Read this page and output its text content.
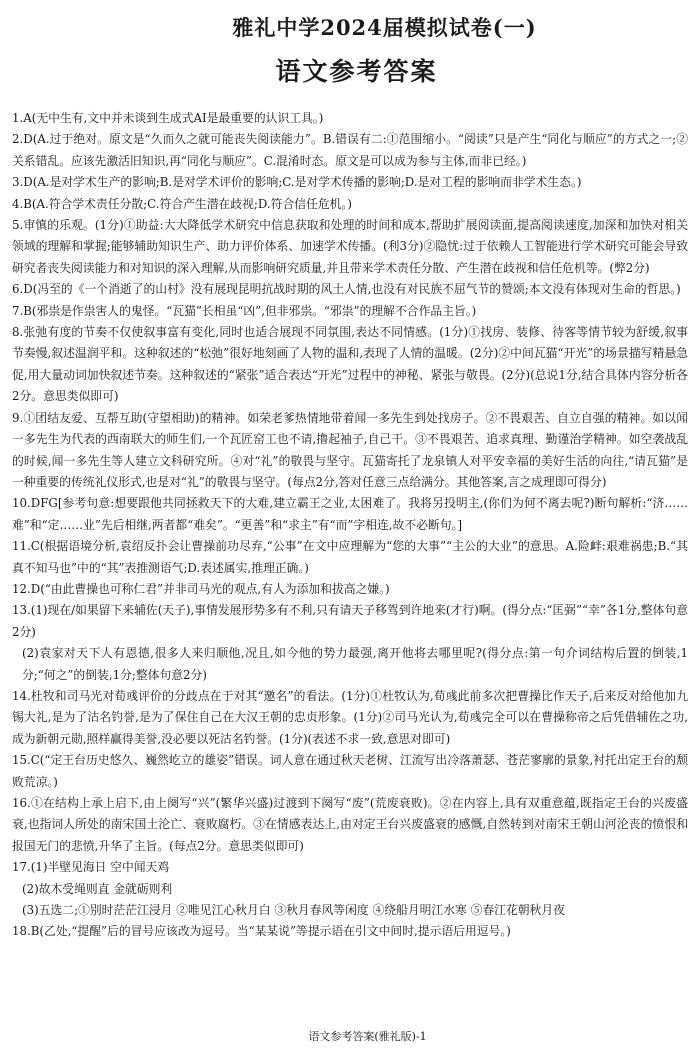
雅礼中学2024届模拟试卷(一)
语文参考答案

1.A(无中生有,文中并未谈到生成式AI是最重要的认识工具。)

2.D(A.过于绝对。原文是“久而久之就可能丧失阅读能力”。B.错误有二:①范围缩小。“阅读”只是产生“同化与顺应”的方式之一;②关系错乱。应该先激活旧知识,再“同化与顺应”。C.混淆时态。原文是可以成为参与主体,而非已经。)

3.D(A.是对学术生产的影响;B.是对学术评价的影响;C.是对学术传播的影响;D.是对工程的影响而非学术生态。)

4.B(A.符合学术责任分散;C.符合产生潜在歧视;D.符合信任危机。)

5.审慎的乐观。(1分)①助益:大大降低学术研究中信息获取和处理的时间和成本,帮助扩展阅读面,提高阅读速度,加深和加快对相关领域的理解和掌握;能够辅助知识生产、助力评价体系、加速学术传播。(利3分)②隐忧:过于依赖人工智能进行学术研究可能会导致研究者丧失阅读能力和对知识的深入理解,从而影响研究质量,并且带来学术责任分散、产生潜在歧视和信任危机等。(弊2分)

6.D(冯至的《一个消逝了的山村》没有展现昆明抗战时期的风土人情,也没有对民族不屈气节的赞颂;本文没有体现对生命的哲思。)

7.B(邪祟是作祟害人的鬼怪。“瓦猫”长相虽“凶”,但非邪祟。“邪祟”的理解不合作品主旨。)

8.张弛有度的节奏不仅使叙事富有变化,同时也适合展现不同氛围,表达不同情感。(1分)①找房、装修、待客等情节较为舒缓,叙事节奏慢,叙述温润平和。这种叙述的“松弛”很好地刻画了人物的温和,表现了人情的温暖。(2分)②中间瓦猫“开光”的场景描写精悬急促,用大量动词加快叙述节奏。这种叙述的“紧张”适合表达“开光”过程中的神秘、紧张与敬畏。(2分)(总说1分,结合具体内容分析各2分。意思类似即可)

9.①团结友爱、互帮互助(守望相助)的精神。如荣老爹热情地带着闻一多先生到处找房子。②不畏艰苦、自立自强的精神。如以闻一多先生为代表的西南联大的师生们,一个瓦匠窑工也不请,撸起袖子,自己干。③不畏艰苦、追求真理、勤谨治学精神。如空袭战乱的时候,闻一多先生等人建立文科研究所。④对“礼”的敬畏与坚守。瓦猫寄托了龙泉镇人对平安幸福的美好生活的向往,“请瓦猫”是一种重要的传统礼仪形式,也是对“礼”的敬畏与坚守。(每点2分,答对任意三点给满分。其他答案,言之成理即可得分)

10.DFG[参考句意:想要跟他共同拯救天下的大难,建立霸王之业,太困难了。我将另投明主,(你们为何不离去呢?)断句解析:“济……难”和“定……业”先后相继,两者都“难矣”。“更善”和“求主”有“而”字相连,故不必断句。]

11.C(根据语境分析,袁绍反扑会让曹操前功尽弃,“公事”在文中应理解为“您的大事”“主公的大业”的意思。A.险衅:艰难祸患;B.“其真不知马也”中的“其”表推测语气;D.表述属实,推理正确。)

12.D(“由此曹操也可称仁君”并非司马光的观点,有人为添加和拔高之嫌。)

13.(1)现在/如果留下来辅佐(天子),事情发展形势多有不利,只有请天子移驾到许地来(才行)啊。(得分点:“匡弼”“幸”各1分,整体句意2分)

(2)袁家对天下人有恩德,很多人来归顺他,况且,如今他的势力最强,离开他将去哪里呢?(得分点:第一句介词结构后置的倒装,1分;“何之”的倒装,1分;整体句意2分)

14.杜牧和司马光对荀彧评价的分歧点在于对其“邀名”的看法。(1分)①杜牧认为,荀彧此前多次把曹操比作天子,后来反对给他加九锡大礼,是为了沽名钓誉,是为了保住自己在大汉王朝的忠贞形象。(1分)②司马光认为,荀彧完全可以在曹操称帝之后凭借辅佐之功,成为新朝元勋,照样赢得美誉,没必要以死沽名钓誉。(1分)(表述不求一致,意思对即可)

15.C(“定王台历史悠久、巍然屹立的雄姿”错误。词人意在通过秋天老树、江流写出冷落萧瑟、苍茫寥廓的景象,衬托出定王台的颓败荒凉。)

16.①在结构上承上启下,由上阕写“兴”(繁华兴盛)过渡到下阕写“废”(荒废衰败)。②在内容上,具有双重意蕴,既指定王台的兴废盛衰,也指词人所处的南宋国土沦亡、衰败腐朽。③在情感表达上,由对定王台兴废盛衰的感慨,自然转到对南宋王朝山河沦丧的愤恨和报国无门的悲愤,升华了主旨。(每点2分。意思类似即可)

17.(1)半壁见海日 空中闻天鸡

(2)故木受绳则直 金就砺则利

(3)五选二;①别时茫茫江浸月 ②唯见江心秋月白 ③秋月春风等闲度 ④绕船月明江水寒 ⑤春江花朝秋月夜

18.B(乙处,“提醒”后的冒号应该改为逗号。当“某某说”等提示语在引文中间时,提示语后用逗号。)

语文参考答案(雅礼版)-1
